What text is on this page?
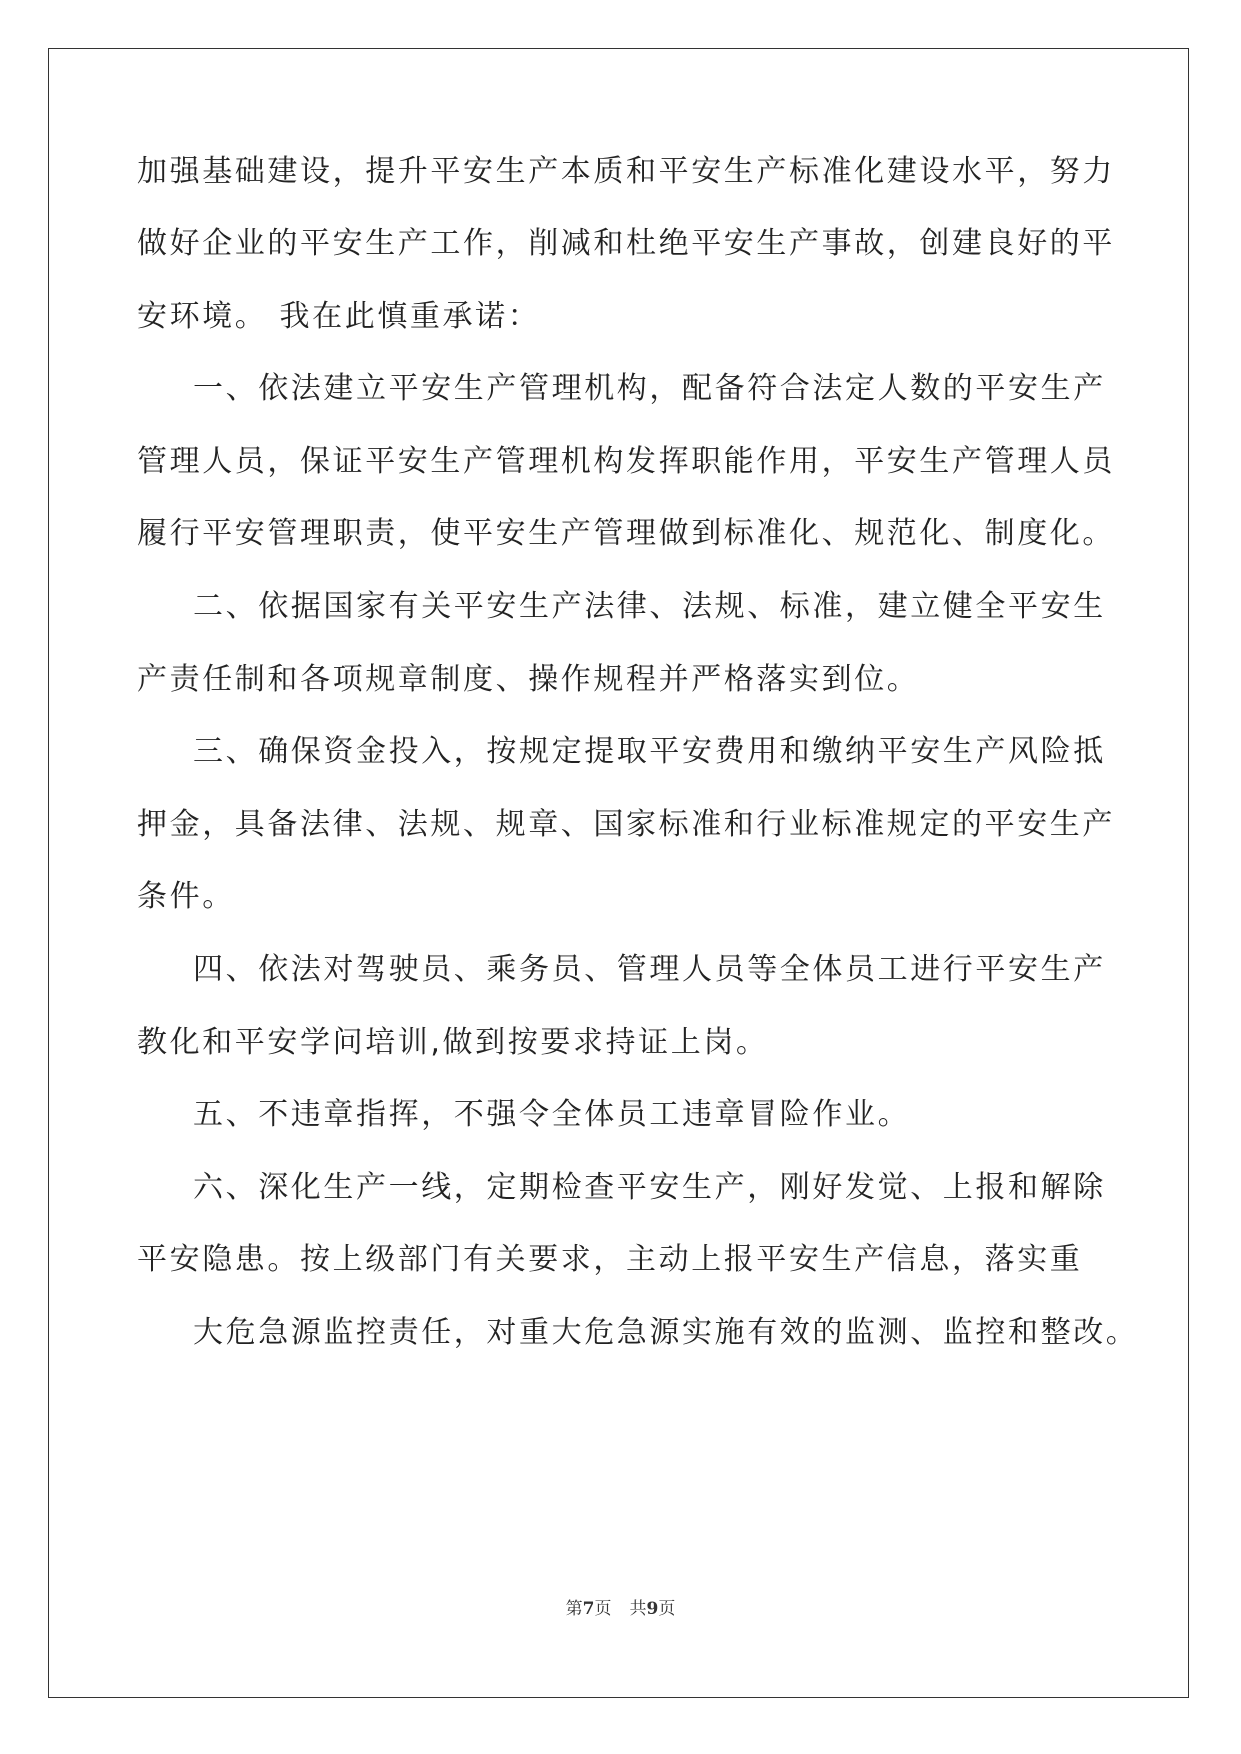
加强基础建设，提升平安生产本质和平安生产标准化建设水平，努力
做好企业的平安生产工作，削减和杜绝平安生产事故，创建良好的平
安环境。 我在此慎重承诺：
一、依法建立平安生产管理机构，配备符合法定人数的平安生产
管理人员，保证平安生产管理机构发挥职能作用，平安生产管理人员
履行平安管理职责，使平安生产管理做到标准化、规范化、制度化。
二、依据国家有关平安生产法律、法规、标准，建立健全平安生
产责任制和各项规章制度、操作规程并严格落实到位。
三、确保资金投入，按规定提取平安费用和缴纳平安生产风险抵
押金，具备法律、法规、规章、国家标准和行业标准规定的平安生产
条件。
四、依法对驾驶员、乘务员、管理人员等全体员工进行平安生产
教化和平安学问培训,做到按要求持证上岗。
五、不违章指挥，不强令全体员工违章冒险作业。
六、深化生产一线，定期检查平安生产，刚好发觉、上报和解除
平安隐患。按上级部门有关要求，主动上报平安生产信息，落实重
大危急源监控责任，对重大危急源实施有效的监测、监控和整改。
第7页 共9页
